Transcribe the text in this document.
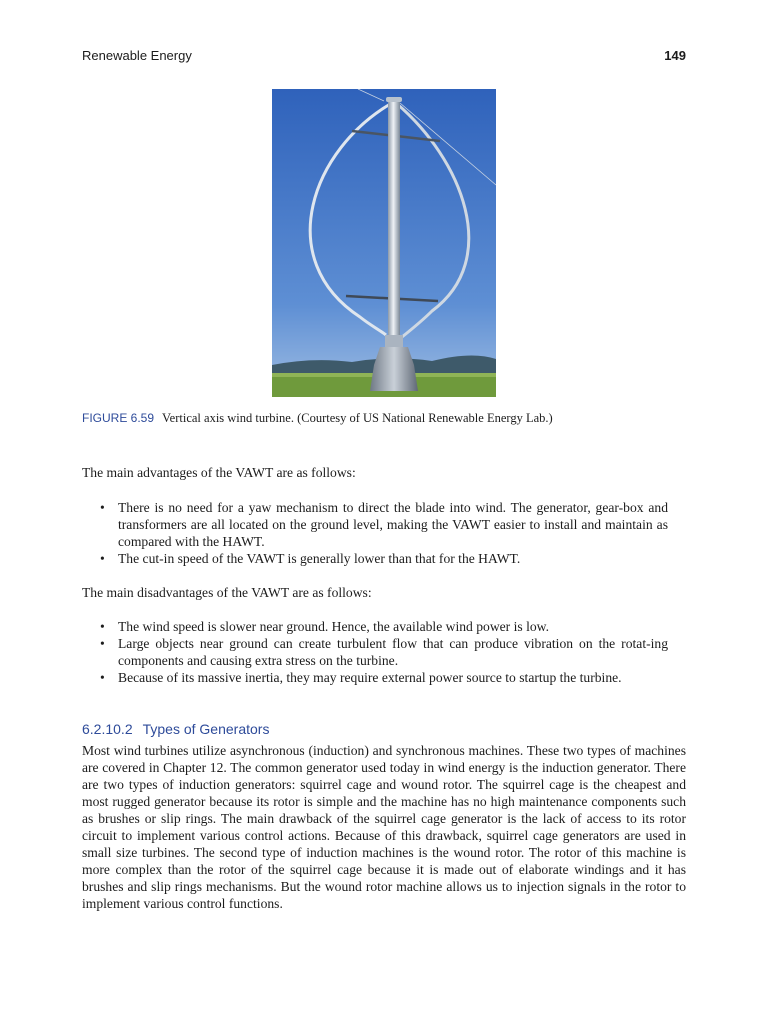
Renewable Energy	149
FIGURE 6.59 Vertical axis wind turbine. (Courtesy of US National Renewable Energy Lab.)

The main advantages of the VAWT are as follows:

• There is no need for a yaw mechanism to direct the blade into wind. The generator, gear-box and transformers are all located on the ground level, making the VAWT easier to install and maintain as compared with the HAWT.
• The cut-in speed of the VAWT is generally lower than that for the HAWT.

The main disadvantages of the VAWT are as follows:

• The wind speed is slower near ground. Hence, the available wind power is low.
• Large objects near ground can create turbulent flow that can produce vibration on the rotat-ing components and causing extra stress on the turbine.
• Because of its massive inertia, they may require external power source to startup the turbine.
6.2.10.2 Types of Generators

Most wind turbines utilize asynchronous (induction) and synchronous machines. These two types of machines are covered in Chapter 12. The common generator used today in wind energy is the induction generator. There are two types of induction generators: squirrel cage and wound rotor. The squirrel cage is the cheapest and most rugged generator because its rotor is simple and the machine has no high maintenance components such as brushes or slip rings. The main drawback of the squirrel cage generator is the lack of access to its rotor circuit to implement various control actions. Because of this drawback, squirrel cage generators are used in small size turbines. The second type of induction machines is the wound rotor. The rotor of this machine is more complex than the rotor of the squirrel cage because it is made out of elaborate windings and it has brushes and slip rings mechanisms. But the wound rotor machine allows us to injection signals in the rotor to implement various control functions.
